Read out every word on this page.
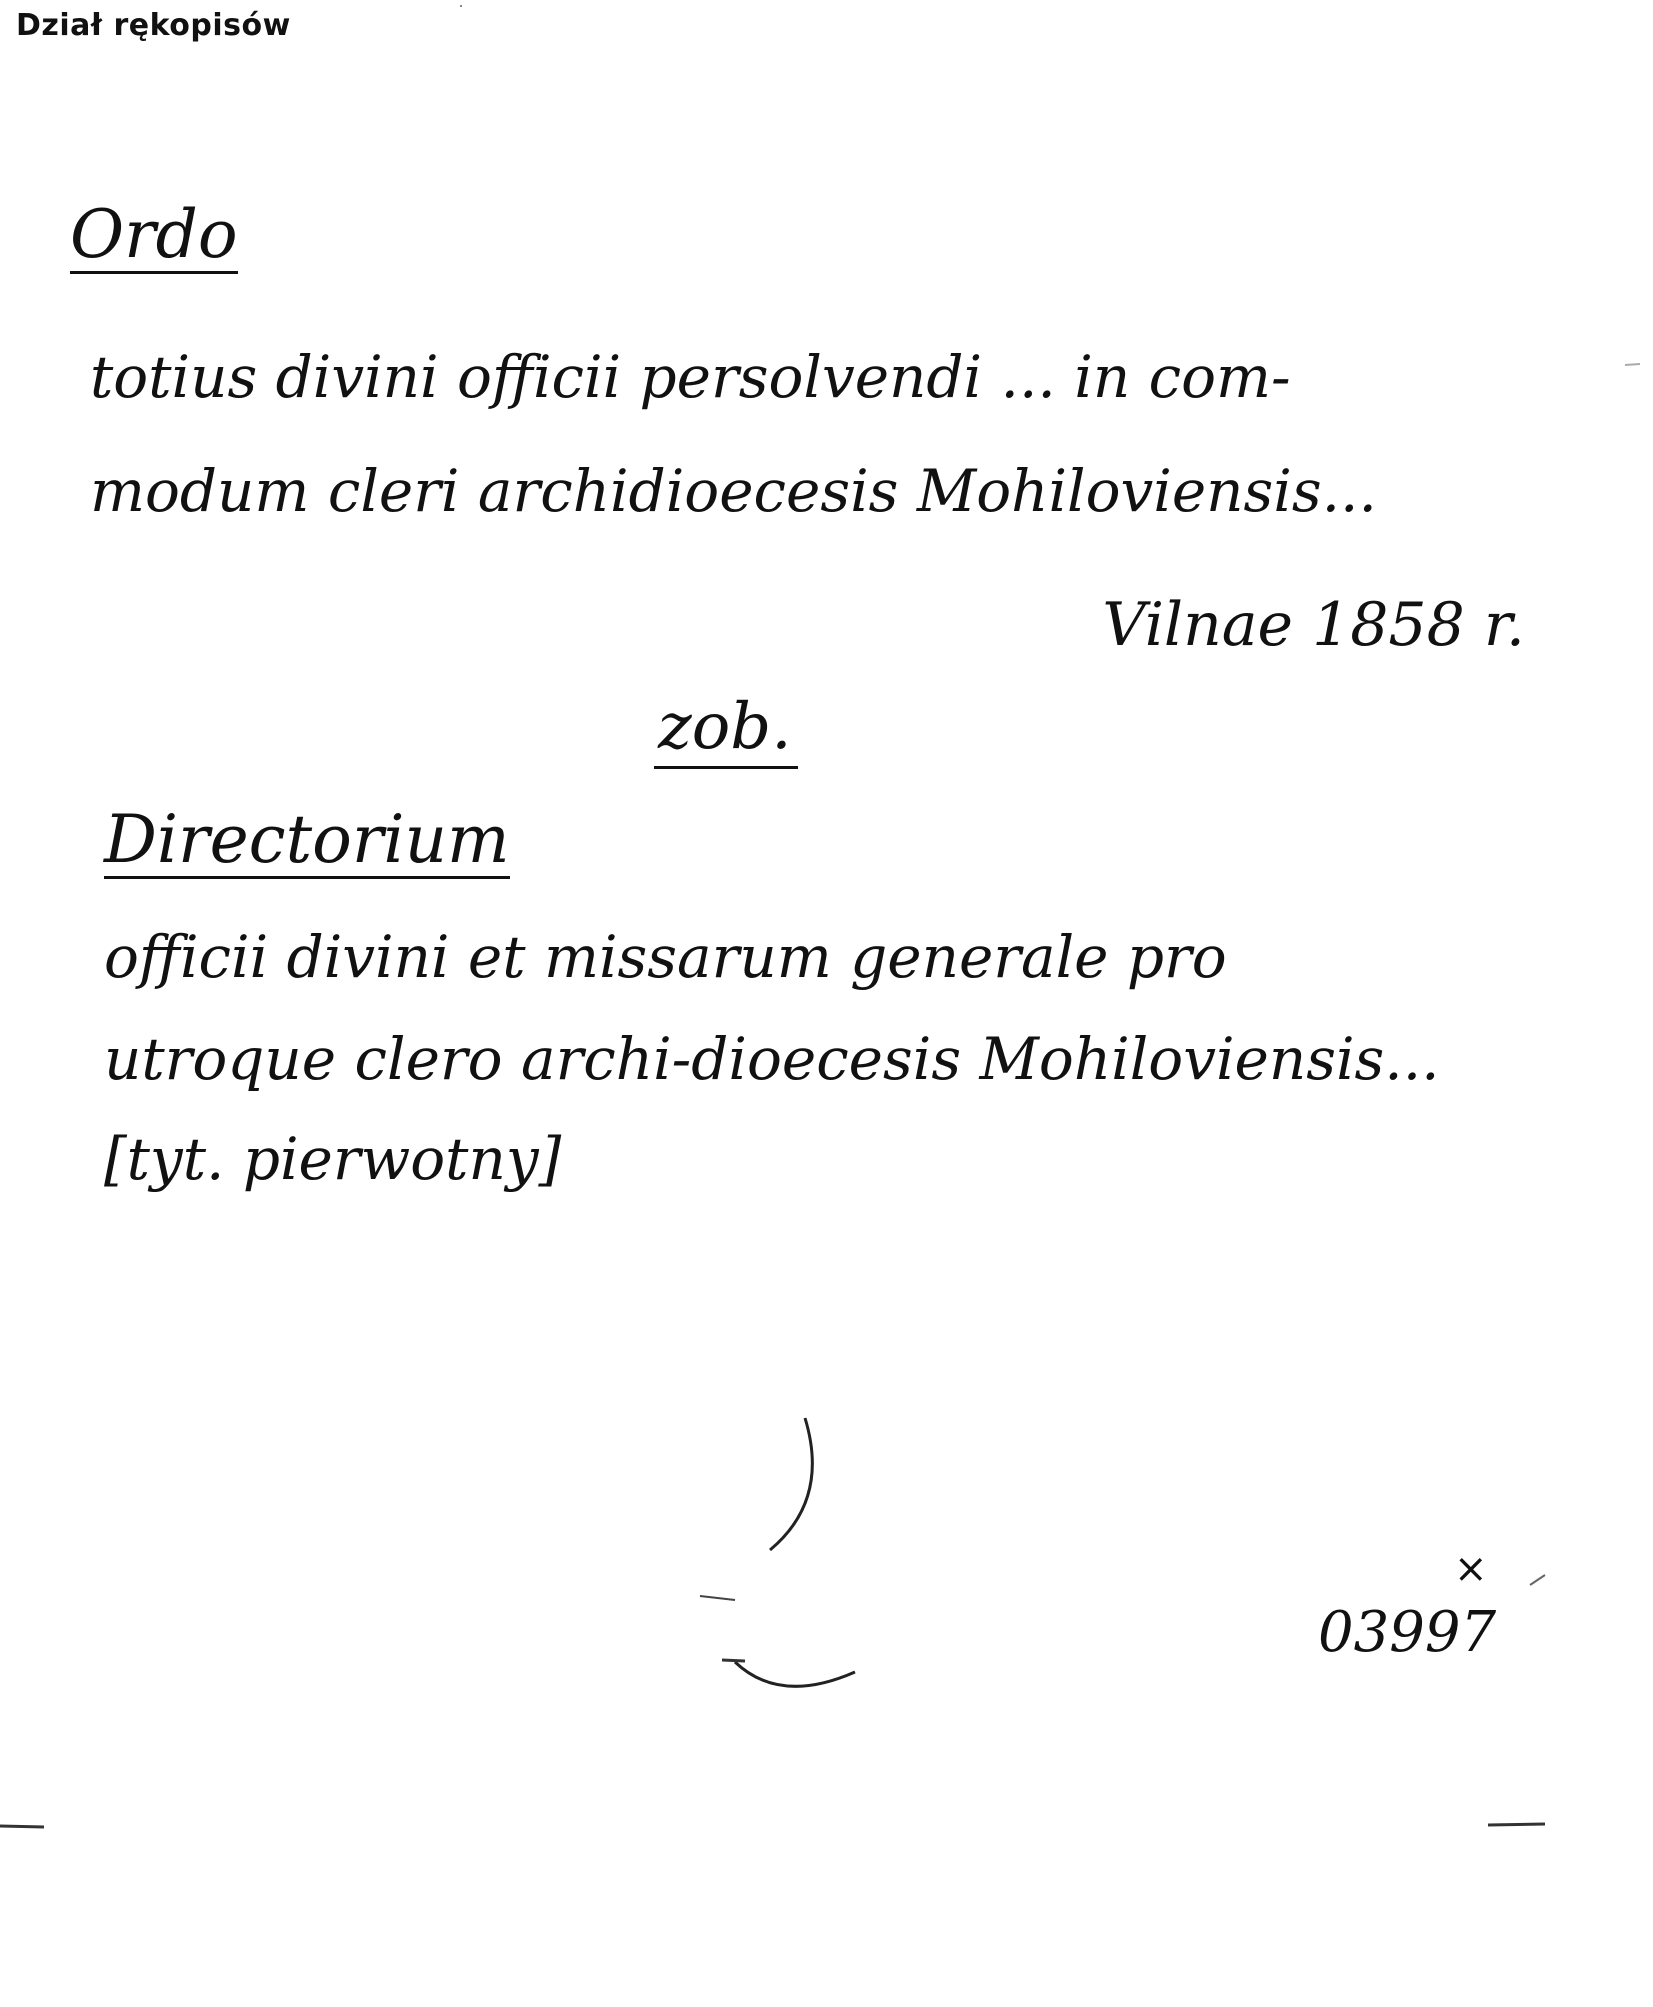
Dział rękopisów
Ordo
totius divini officii persolvendi ... in com-
modum cleri archidioecesis Mohiloviensis...
Vilnae 1858 r.
zob.
Directorium
officii divini et missarum generale pro
utroque clero archi-dioecesis Mohiloviensis...
[tyt. pierwotny]
×
03997
